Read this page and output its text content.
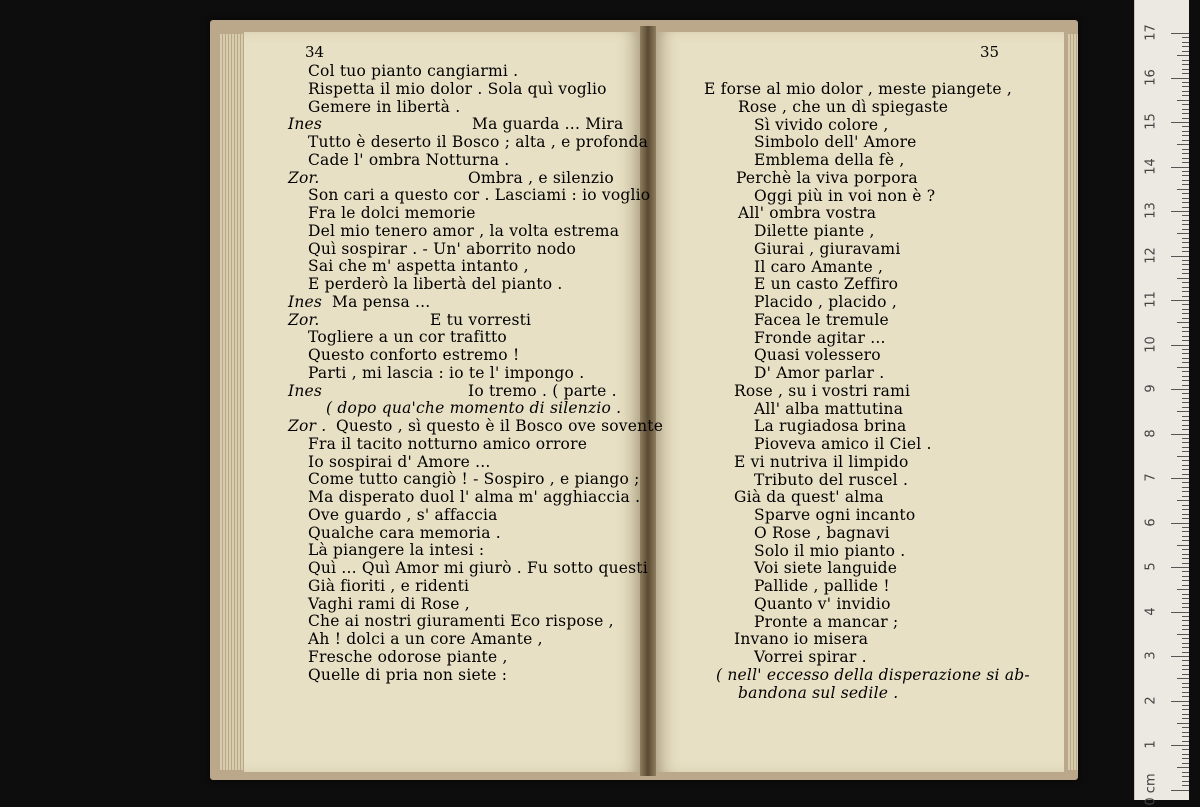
34	35
Col tuo pianto cangiarmi .
Rispetta il mio dolor . Sola quì voglio
Gemere in libertà .
Ines	Ma guarda ... Mira
Tutto è deserto il Bosco ; alta , e profonda
Cade l' ombra Notturna .
Zor.	Ombra , e silenzio
Son cari a questo cor . Lasciami : io voglio
Fra le dolci memorie
Del mio tenero amor , la volta estrema
Quì sospirar . - Un' aborrito nodo
Sai che m' aspetta intanto ,
E perderò la libertà del pianto .
Ines Ma pensa ...
Zor.	E tu vorresti
Togliere a un cor trafitto
Questo conforto estremo !
Parti , mi lascia : io te l' impongo .
Ines	Io tremo . ( parte .
( dopo qua'che momento di silenzio .
Zor . Questo , sì questo è il Bosco ove sovente
Fra il tacito notturno amico orrore
Io sospirai d' Amore ...
Come tutto cangiò ! - Sospiro , e piango ;
Ma disperato duol l' alma m' agghiaccia .
Ove guardo , s' affaccia
Qualche cara memoria .
Là piangere la intesi :
Quì ... Quì Amor mi giurò . Fu sotto questi
Già fioriti , e ridenti
Vaghi rami di Rose ,
Che ai nostri giuramenti Eco rispose ,
Ah ! dolci a un core Amante ,
Fresche odorose piante ,
Quelle di pria non siete :
E forse al mio dolor , meste piangete ,
Rose , che un dì spiegaste
Sì vivido colore ,
Simbolo dell' Amore
Emblema della fè ,
Perchè la viva porpora
Oggi più in voi non è ?
All' ombra vostra
Dilette piante ,
Giurai , giuravami
Il caro Amante ,
E un casto Zeffiro
Placido , placido ,
Facea le tremule
Fronde agitar ...
Quasi volessero
D' Amor parlar .
Rose , su i vostri rami
All' alba mattutina
La rugiadosa brina
Pioveva amico il Ciel .
E vi nutriva il limpido
Tributo del ruscel .
Già da quest' alma
Sparve ogni incanto
O Rose , bagnavi
Solo il mio pianto .
Voi siete languide
Pallide , pallide !
Quanto v' invidio
Pronte a mancar ;
Invano io misera
Vorrei spirar .
( nell' eccesso della disperazione si ab-
bandona sul sedile .
17
16
15
14
13
12
11
10
9
8
7
6
5
4
3
2
1
0 cm
